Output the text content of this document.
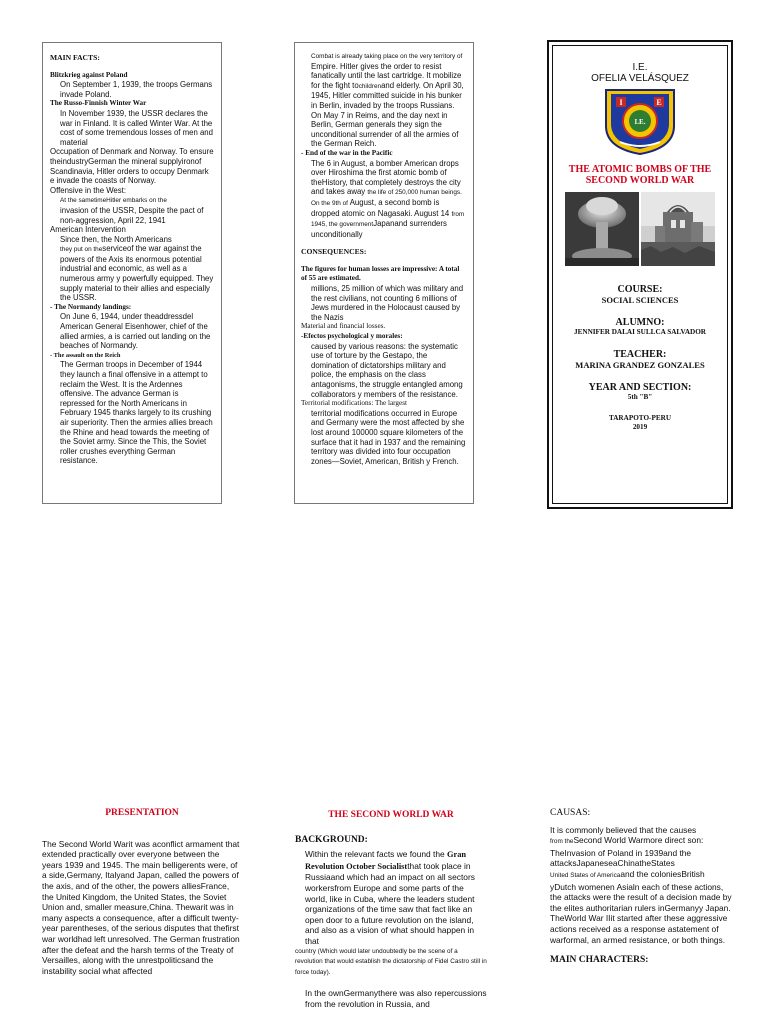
MAIN FACTS:

Blitzkrieg against Poland

On September 1, 1939, the troops Germans invade Poland.

The Russo-Finnish Winter War

In November 1939, the USSR declares the war in Finland. It is called Winter War. At the cost of some tremendous losses of men and material

Occupation of Denmark and Norway. To ensure theindustryGerman the mineral supplyironof Scandinavia, Hitler orders to occupy Denmark e invade the coasts of Norway.

Offensive in the West:

At the sametimeHitler embarks on the

invasion of the USSR, Despite the pact of non-aggression, April 22, 1941

American Intervention

Since then, the North Americans

they put on theserviceof the war against the powers of the Axis its enormous potential industrial and economic, as well as a numerous army y powerfully equipped. They supply material to their allies and especially the USSR.

- The Normandy landings:

On June 6, 1944, under theaddressdel American General Eisenhower, chief of the allied armies, a is carried out landing on the beaches of Normandy.

- The assault on the Reich

The German troops in December of 1944 they launch a final offensive in a attempt to reclaim the West. It is the Ardennes offensive. The advance German is repressed for the North Americans in February 1945 thanks largely to its crushing air superiority. Then the armies allies breach the Rhine and head towards the meeting of the Soviet army. Since the This, the Soviet roller crushes everything German resistance.

Combat is already taking place on the very territory of

Empire. Hitler gives the order to resist fanatically until the last cartridge. It mobilize for the fight tochildrenand elderly. On April 30, 1945, Hitler committed suicide in his bunker in Berlin, invaded by the troops Russians. On May 7 in Reims, and the day next in Berlin, German generals they sign the unconditional surrender of all the armies of the German Reich.

- End of the war in the Pacific

The 6 in August, a bomber American drops over Hiroshima the first atomic bomb of theHistory, that completely destroys the city and takes away the life of 250,000 human beings. On the 9th of August, a second bomb is dropped atomic on Nagasaki. August 14 from 1945, the governmentJapanand surrenders unconditionally

CONSEQUENCES:

The figures for human losses are impressive: A total of 55 are estimated.

millions, 25 million of which was military and the rest civilians, not counting 6 millions of Jews murdered in the Holocaust caused by the Nazis

Material and financial losses.

-Efectos psychological y morales:

caused by various reasons: the systematic use of torture by the Gestapo, the domination of dictatorships military and police, the emphasis on the class antagonisms, the struggle entangled among collaborators y members of the resistance.

Territorial modifications: The largest

territorial modifications occurred in Europe and Germany were the most affected by she lost around 100000 square kilometers of the surface that it had in 1937 and the remaining territory was divided into four occupation zones—Soviet, American, British y French.

I.E.

OFELIA VELÁSQUEZ

I	E
I.E.

THE ATOMIC BOMBS OF THE SECOND WORLD WAR

COURSE:

SOCIAL SCIENCES

ALUMNO:

JENNIFER DALAI SULLCA SALVADOR

TEACHER:

MARINA GRANDEZ GONZALES

YEAR AND SECTION:

5th "B"

TARAPOTO-PERU

2019

PRESENTATION

The Second World Warit was aconflict armament that extended practically over everyone between the years 1939 and 1945. The main belligerents were, of a side,Germany, Italyand Japan, called the powers of the axis, and of the other, the powers alliesFrance, the United Kingdom, the United States, the Soviet Union and, smaller measure,China. Thewarit was in many aspects a consequence, after a difficult twenty-year parentheses, of the serious disputes that thefirst war worldhad left unresolved. The German frustration after the defeat and the harsh terms of the Treaty of Versailles, along with the unrestpoliticsand the instability social what affected

THE SECOND WORLD WAR

BACKGROUND:

Within the relevant facts we found the Gran Revolution October Socialistthat took place in Russiaand which had an impact on all sectors workersfrom Europe and some parts of the world, like in Cuba, where the leaders student organizations of the time saw that fact like an open door to a future revolution on the island, and also as a vision of what should happen in that

country (Which would later undoubtedly be the scene of a revolution that would establish the dictatorship of Fidel Castro still in force today).

In the ownGermanythere was also repercussions from the revolution in Russia, and

CAUSAS:

It is commonly believed that the causes

from theSecond World Warmore direct son: TheInvasion of Poland in 1939and the attacksJapaneseaChinatheStates

United States of Americaand the coloniesBritish yDutch womenen Asialn each of these actions, the attacks were the result of a decision made by the elites authoritarian rulers inGermanyy Japan. TheWorld War IIit started after these aggressive actions received as a response astatement of warformal, an armed resistance, or both things.

MAIN CHARACTERS:
